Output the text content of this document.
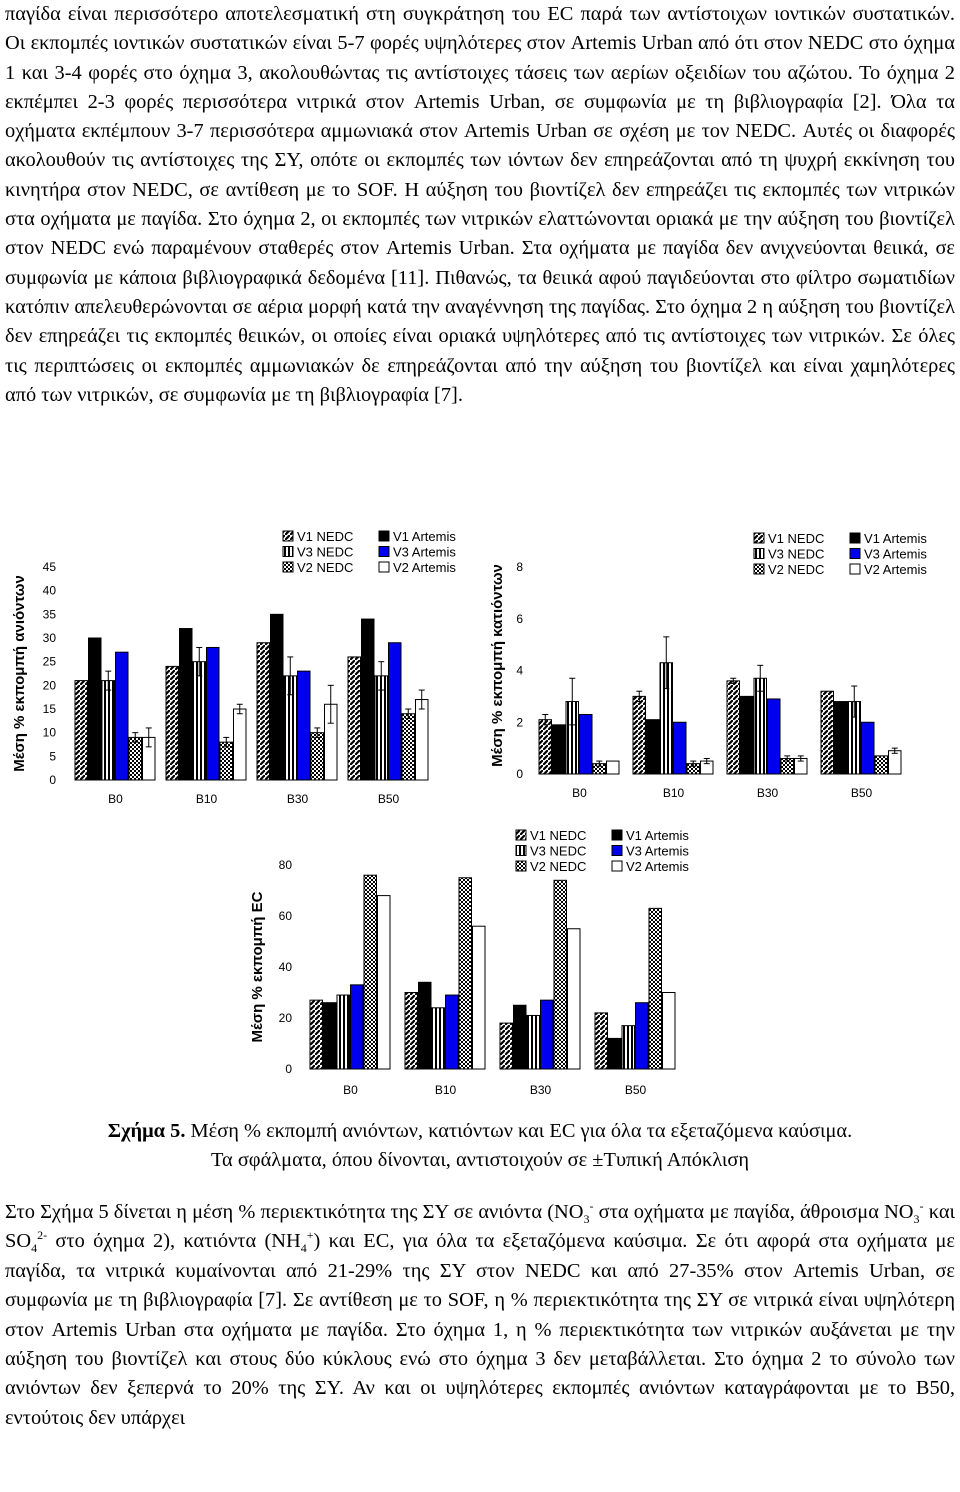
παγίδα είναι περισσότερο αποτελεσματική στη συγκράτηση του EC παρά των αντίστοιχων ιοντικών συστατικών. Οι εκπομπές ιοντικών συστατικών είναι 5-7 φορές υψηλότερες στον Artemis Urban από ότι στον NEDC στο όχημα 1 και 3-4 φορές στο όχημα 3, ακολουθώντας τις αντίστοιχες τάσεις των αερίων οξειδίων του αζώτου. Το όχημα 2 εκπέμπει 2-3 φορές περισσότερα νιτρικά στον Artemis Urban, σε συμφωνία με τη βιβλιογραφία [2]. Όλα τα οχήματα εκπέμπουν 3-7 περισσότερα αμμωνιακά στον Artemis Urban σε σχέση με τον NEDC. Αυτές οι διαφορές ακολουθούν τις αντίστοιχες της ΣΥ, οπότε οι εκπομπές των ιόντων δεν επηρεάζονται από τη ψυχρή εκκίνηση του κινητήρα στον NEDC, σε αντίθεση με το SOF. Η αύξηση του βιοντίζελ δεν επηρεάζει τις εκπομπές των νιτρικών στα οχήματα με παγίδα. Στο όχημα 2, οι εκπομπές των νιτρικών ελαττώνονται οριακά με την αύξηση του βιοντίζελ στον NEDC ενώ παραμένουν σταθερές στον Artemis Urban. Στα οχήματα με παγίδα δεν ανιχνεύονται θειικά, σε συμφωνία με κάποια βιβλιογραφικά δεδομένα [11]. Πιθανώς, τα θειικά αφού παγιδεύονται στο φίλτρο σωματιδίων κατόπιν απελευθερώνονται σε αέρια μορφή κατά την αναγέννηση της παγίδας. Στο όχημα 2 η αύξηση του βιοντίζελ δεν επηρεάζει τις εκπομπές θειικών, οι οποίες είναι οριακά υψηλότερες από τις αντίστοιχες των νιτρικών. Σε όλες τις περιπτώσεις οι εκπομπές αμμωνιακών δε επηρεάζονται από την αύξηση του βιοντίζελ και είναι χαμηλότερες από των νιτρικών, σε συμφωνία με τη βιβλιογραφία [7].

Μέση % εκπομπή ανιόντων
0
5
10
15
20
25
30
35
40
45
B0	B10	B30	B50
V1 NEDC	V1 Artemis
V3 NEDC	V3 Artemis
V2 NEDC	V2 Artemis Μέση % εκπομπή κατιόντων
0
2
4
6
8
B0	B10	B30	B50
V1 NEDC	V1 Artemis
V3 NEDC	V3 Artemis
V2 NEDC	V2 Artemis
Μέση % εκπομπή EC
0
20
40
60
80
B0	B10	B30	B50
V1 NEDC	V1 Artemis
V3 NEDC	V3 Artemis
V2 NEDC	V2 Artemis
Σχήμα 5. Μέση % εκπομπή ανιόντων, κατιόντων και EC για όλα τα εξεταζόμενα καύσιμα.
Τα σφάλματα, όπου δίνονται, αντιστοιχούν σε ±Τυπική Απόκλιση

Στο Σχήμα 5 δίνεται η μέση % περιεκτικότητα της ΣΥ σε ανιόντα ($NO_3^-$ στα οχήματα με παγίδα, άθροισμα $NO_3^-$ και $SO_4^{2-}$ στο όχημα 2), κατιόντα $(NH_4^+)$ και EC, για όλα τα εξεταζόμενα καύσιμα. Σε ότι αφορά στα οχήματα με παγίδα, τα νιτρικά κυμαίνονται από 21-29% της ΣΥ στον NEDC και από 27-35% στον Artemis Urban, σε συμφωνία με τη βιβλιογραφία [7]. Σε αντίθεση με το SOF, η % περιεκτικότητα της ΣΥ σε νιτρικά είναι υψηλότερη στον Artemis Urban στα οχήματα με παγίδα. Στο όχημα 1, η % περιεκτικότητα των νιτρικών αυξάνεται με την αύξηση του βιοντίζελ και στους δύο κύκλους ενώ στο όχημα 3 δεν μεταβάλλεται. Στο όχημα 2 το σύνολο των ανιόντων δεν ξεπερνά το 20% της ΣΥ. Αν και οι υψηλότερες εκπομπές ανιόντων καταγράφονται με το B50, εντούτοις δεν υπάρχει
